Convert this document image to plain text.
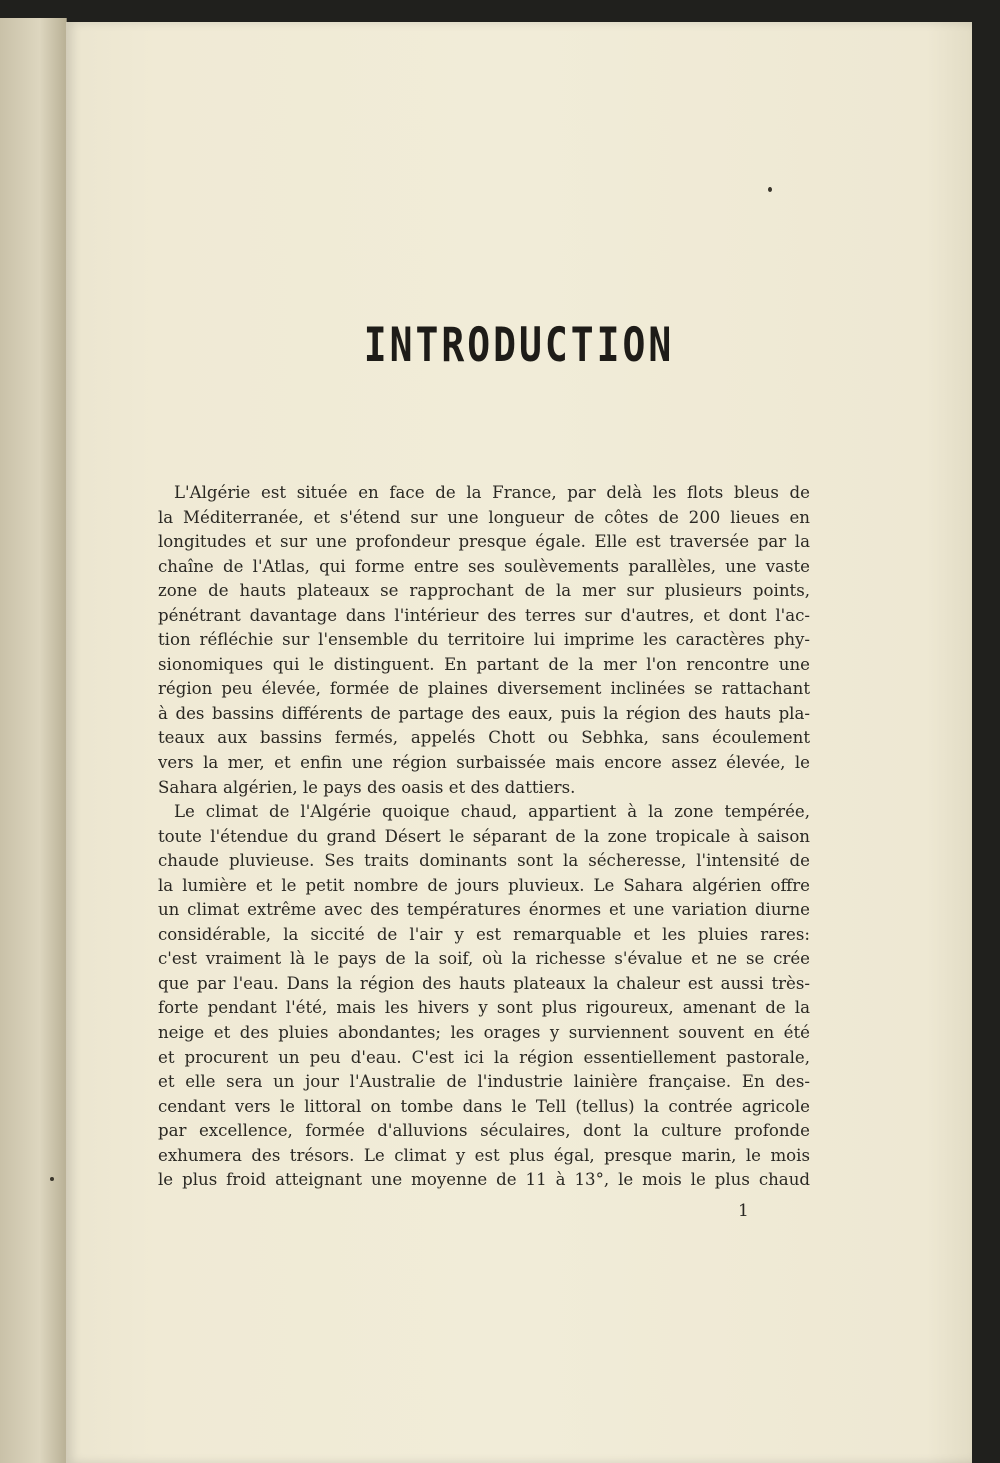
INTRODUCTION
L'Algérie est située en face de la France, par delà les flots bleus de
la Méditerranée, et s'étend sur une longueur de côtes de 200 lieues en
longitudes et sur une profondeur presque égale. Elle est traversée par la
chaîne de l'Atlas, qui forme entre ses soulèvements parallèles, une vaste
zone de hauts plateaux se rapprochant de la mer sur plusieurs points,
pénétrant davantage dans l'intérieur des terres sur d'autres, et dont l'ac-
tion réfléchie sur l'ensemble du territoire lui imprime les caractères phy-
sionomiques qui le distinguent. En partant de la mer l'on rencontre une
région peu élevée, formée de plaines diversement inclinées se rattachant
à des bassins différents de partage des eaux, puis la région des hauts pla-
teaux aux bassins fermés, appelés Chott ou Sebhka, sans écoulement
vers la mer, et enfin une région surbaissée mais encore assez élevée, le
Sahara algérien, le pays des oasis et des dattiers.
Le climat de l'Algérie quoique chaud, appartient à la zone tempérée,
toute l'étendue du grand Désert le séparant de la zone tropicale à saison
chaude pluvieuse. Ses traits dominants sont la sécheresse, l'intensité de
la lumière et le petit nombre de jours pluvieux. Le Sahara algérien offre
un climat extrême avec des températures énormes et une variation diurne
considérable, la siccité de l'air y est remarquable et les pluies rares:
c'est vraiment là le pays de la soif, où la richesse s'évalue et ne se crée
que par l'eau. Dans la région des hauts plateaux la chaleur est aussi très-
forte pendant l'été, mais les hivers y sont plus rigoureux, amenant de la
neige et des pluies abondantes; les orages y surviennent souvent en été
et procurent un peu d'eau. C'est ici la région essentiellement pastorale,
et elle sera un jour l'Australie de l'industrie lainière française. En des-
cendant vers le littoral on tombe dans le Tell (tellus) la contrée agricole
par excellence, formée d'alluvions séculaires, dont la culture profonde
exhumera des trésors. Le climat y est plus égal, presque marin, le mois
le plus froid atteignant une moyenne de 11 à 13°, le mois le plus chaud
1
